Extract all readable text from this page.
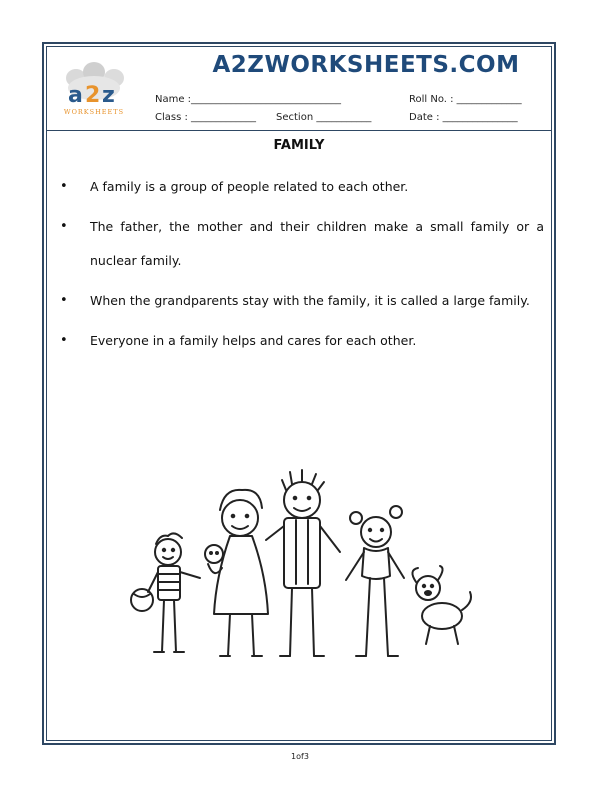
a 2 z
WORKSHEETS
A2ZWORKSHEETS.COM
Name :______________________________	Roll No. : _____________
Class : _____________ Section ___________	Date : _______________
FAMILY
• A family is a group of people related to each other.
• The father, the mother and their children make a small family or a nuclear family.
• When the grandparents stay with the family, it is called a large family.
• Everyone in a family helps and cares for each other.
1of3
